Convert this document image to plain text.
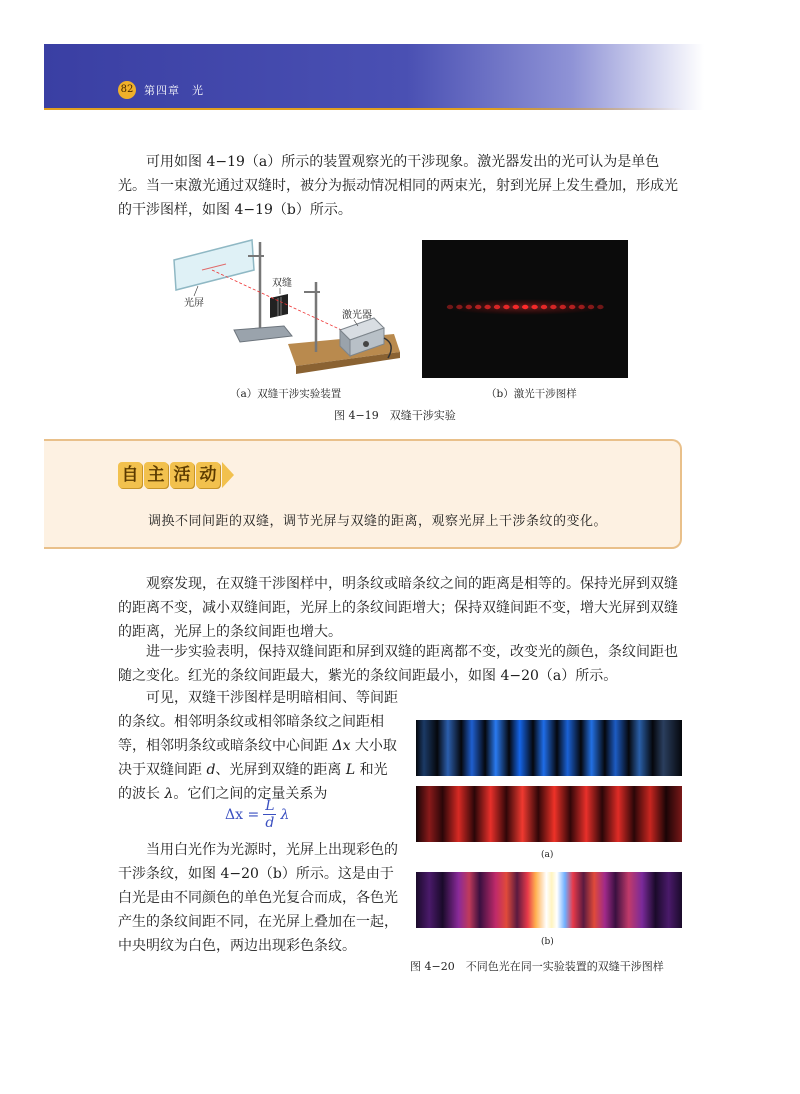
82 第四章　光

可用如图 4−19（a）所示的装置观察光的干涉现象。激光器发出的光可认为是单色光。当一束激光通过双缝时，被分为振动情况相同的两束光，射到光屏上发生叠加，形成光的干涉图样，如图 4−19（b）所示。

光屏
双缝
激光器
（a）双缝干涉实验装置	（b）激光干涉图样
图 4−19　双缝干涉实验
自 主 活 动
调换不同间距的双缝，调节光屏与双缝的距离，观察光屏上干涉条纹的变化。

观察发现，在双缝干涉图样中，明条纹或暗条纹之间的距离是相等的。保持光屏到双缝的距离不变，减小双缝间距，光屏上的条纹间距增大；保持双缝间距不变，增大光屏到双缝的距离，光屏上的条纹间距也增大。

进一步实验表明，保持双缝间距和屏到双缝的距离都不变，改变光的颜色，条纹间距也随之变化。红光的条纹间距最大，紫光的条纹间距最小，如图 4−20（a）所示。

可见，双缝干涉图样是明暗相间、等间距的条纹。相邻明条纹或相邻暗条纹之间距相等，相邻明条纹或暗条纹中心间距 Δx 大小取决于双缝间距 d、光屏到双缝的距离 L 和光的波长 λ。它们之间的定量关系为

$\Delta x = \frac{L}{d}$ λ

当用白光作为光源时，光屏上出现彩色的干涉条纹，如图 4−20（b）所示。这是由于白光是由不同颜色的单色光复合而成，各色光产生的条纹间距不同，在光屏上叠加在一起，中央明纹为白色，两边出现彩色条纹。

(a)
(b)
图 4−20　不同色光在同一实验装置的双缝干涉图样
